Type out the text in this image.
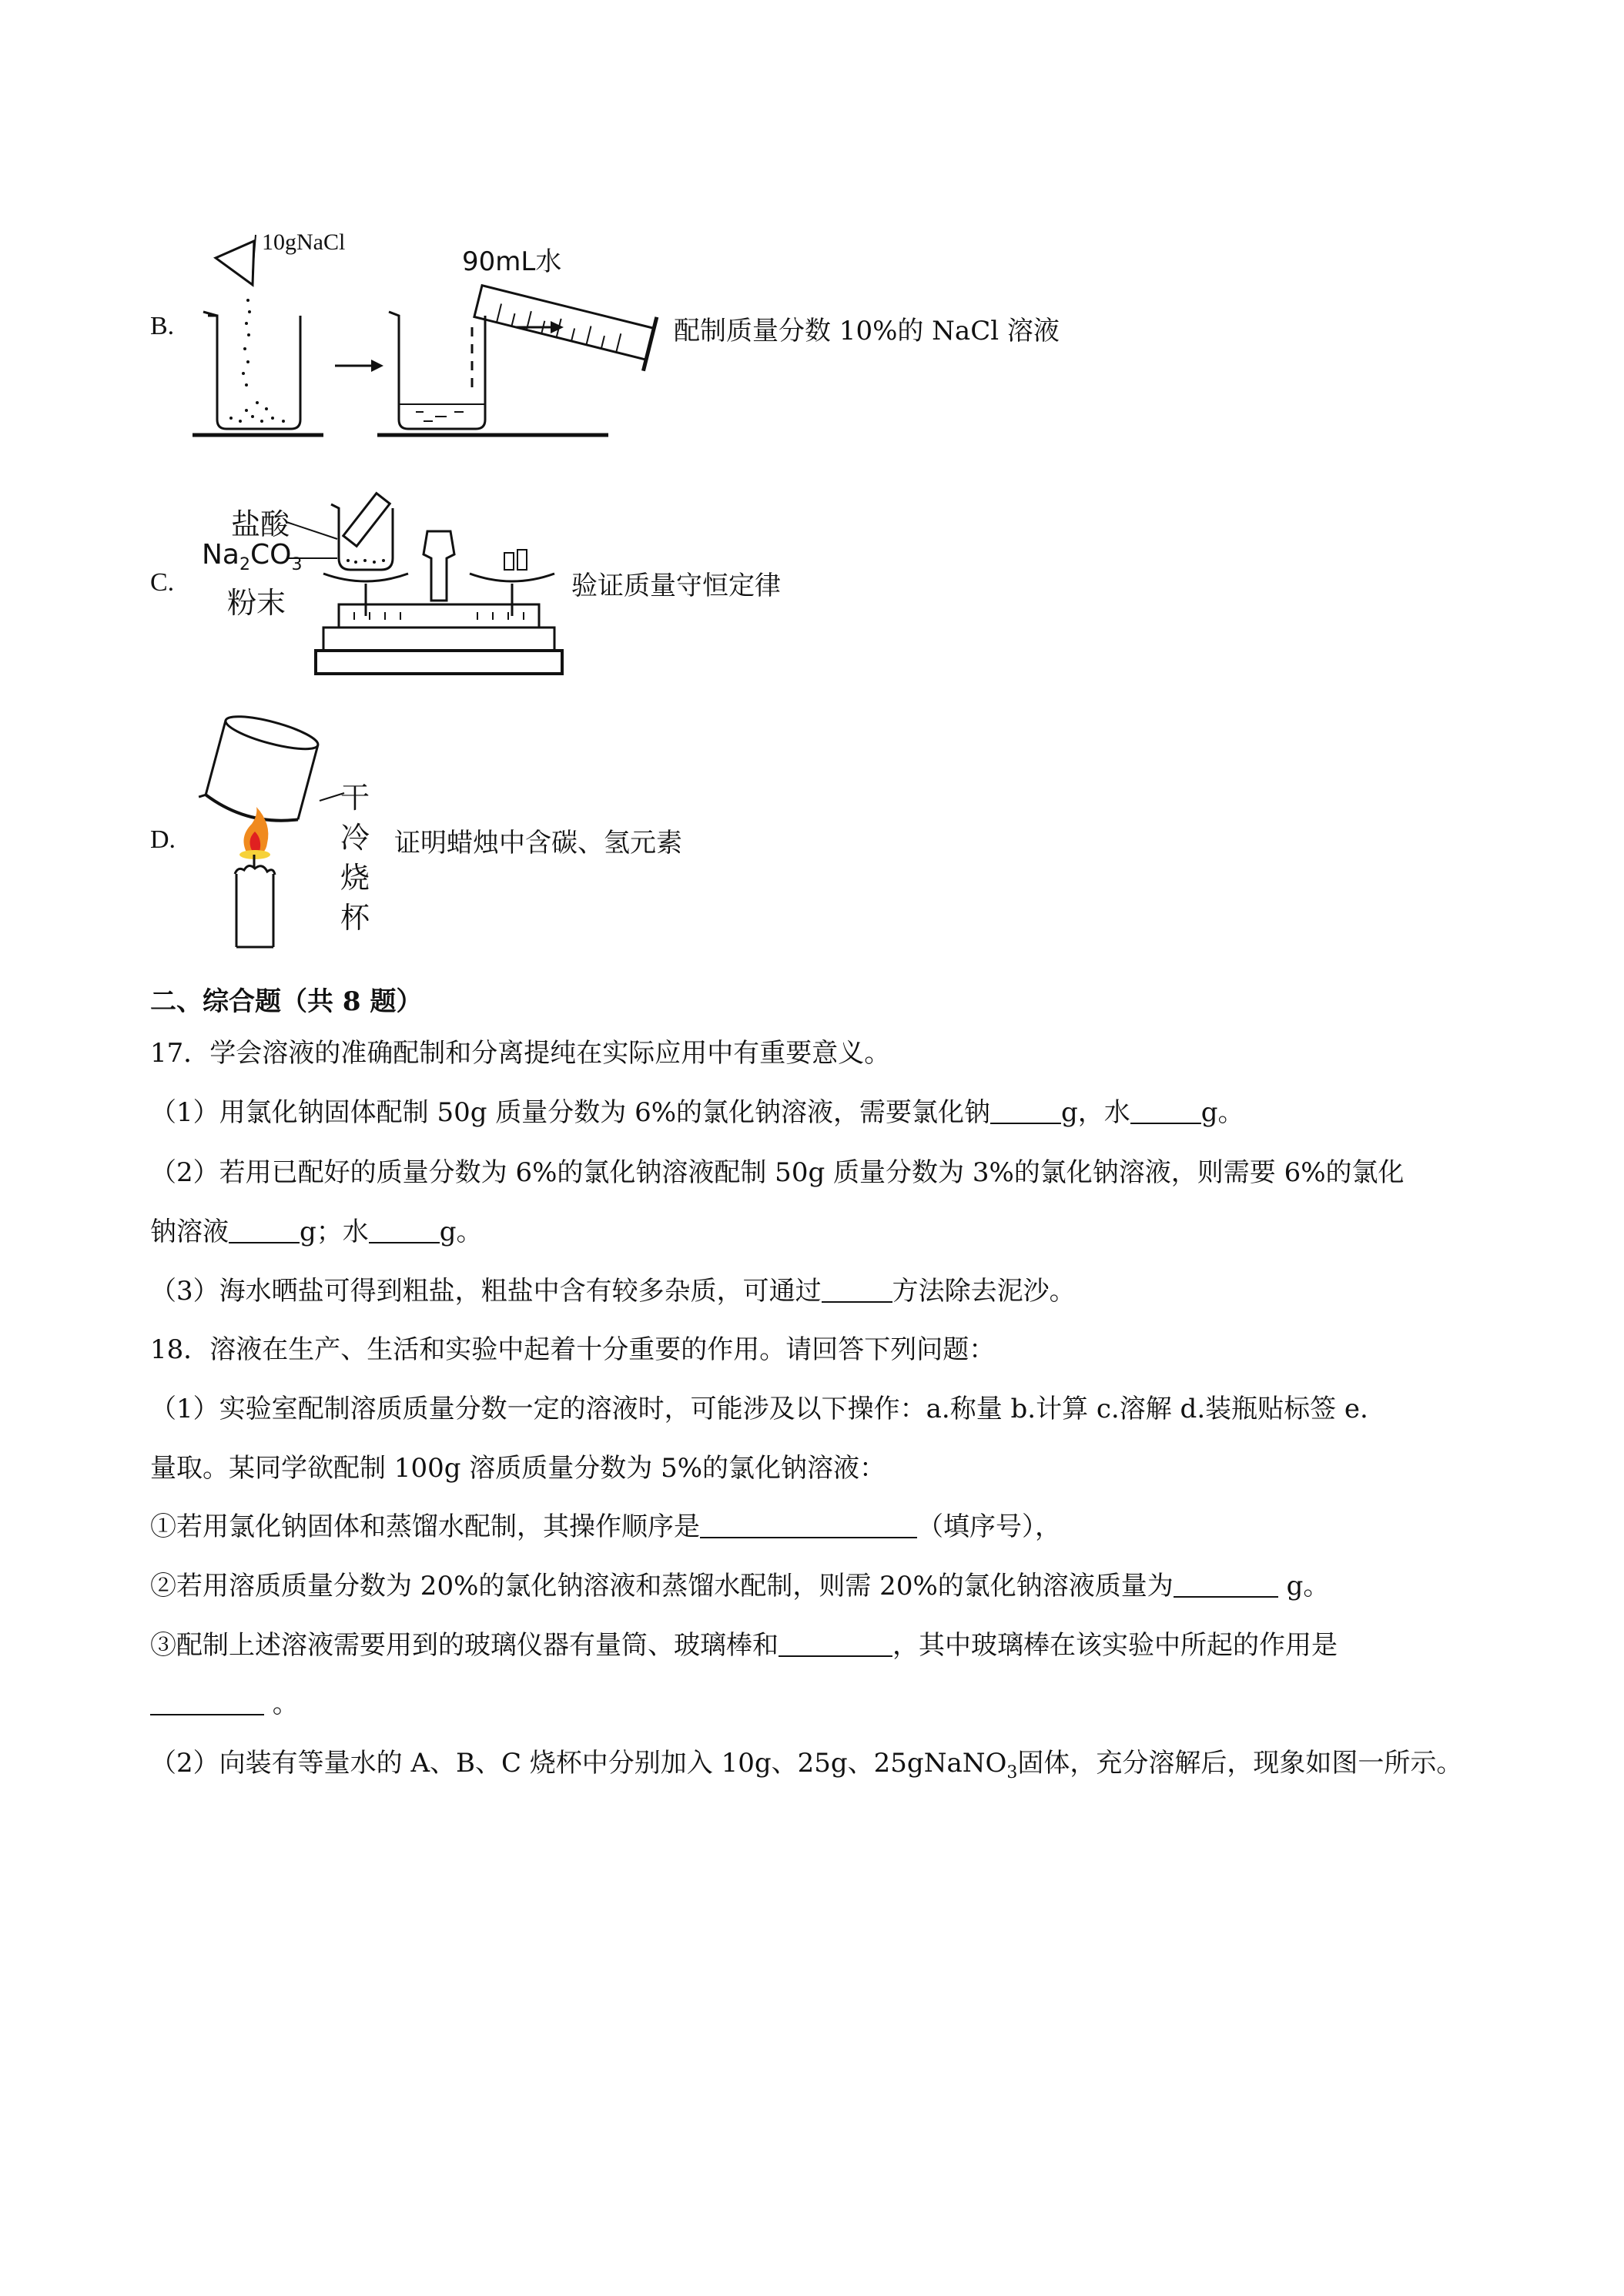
B.
10gNaCl
90mL水
配制质量分数 10%的 NaCl 溶液
C.
盐酸
$Na_2CO_3$
粉末	验证质量守恒定律
D.
干
冷
烧
杯
证明蜡烛中含碳、氢元素
二、综合题（共 8 题）
17．学会溶液的准确配制和分离提纯在实际应用中有重要意义。
（1）用氯化钠固体配制 50g 质量分数为 6%的氯化钠溶液，需要氯化钠	g，水	g。
（2）若用已配好的质量分数为 6%的氯化钠溶液配制 50g 质量分数为 3%的氯化钠溶液，则需要 6%的氯化
钠溶液	g；水	g。
（3）海水晒盐可得到粗盐，粗盐中含有较多杂质，可通过	方法除去泥沙。
18．溶液在生产、生活和实验中起着十分重要的作用。请回答下列问题：
（1）实验室配制溶质质量分数一定的溶液时，可能涉及以下操作：a.称量 b.计算 c.溶解 d.装瓶贴标签 e.
量取。某同学欲配制 100g 溶质质量分数为 5%的氯化钠溶液：
①若用氯化钠固体和蒸馏水配制，其操作顺序是	（填序号），
②若用溶质质量分数为 20%的氯化钠溶液和蒸馏水配制，则需 20%的氯化钠溶液质量为	g。
③配制上述溶液需要用到的玻璃仪器有量筒、玻璃棒和	，其中玻璃棒在该实验中所起的作用是
。
（2）向装有等量水的 A、B、C 烧杯中分别加入 10g、25g、25gNaNO$_3$固体，充分溶解后，现象如图一所示。
